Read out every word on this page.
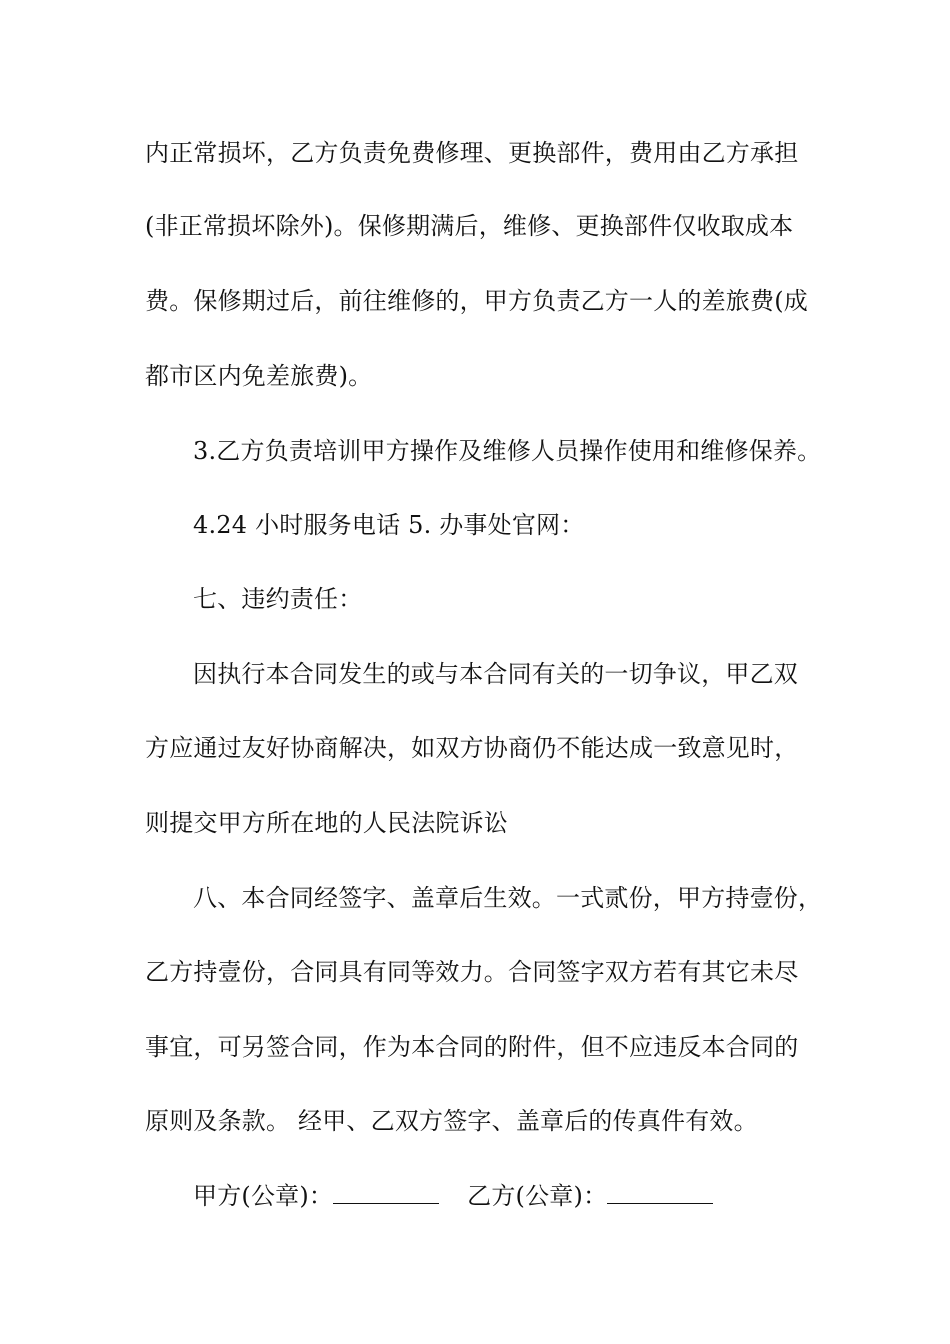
内正常损坏，乙方负责免费修理、更换部件，费用由乙方承担
(非正常损坏除外)。保修期满后，维修、更换部件仅收取成本
费。保修期过后，前往维修的，甲方负责乙方一人的差旅费(成
都市区内免差旅费)。
3.乙方负责培训甲方操作及维修人员操作使用和维修保养。
4.24 小时服务电话 5. 办事处官网：
七、违约责任：
因执行本合同发生的或与本合同有关的一切争议，甲乙双
方应通过友好协商解决，如双方协商仍不能达成一致意见时，
则提交甲方所在地的人民法院诉讼
八、本合同经签字、盖章后生效。一式贰份，甲方持壹份，
乙方持壹份，合同具有同等效力。合同签字双方若有其它未尽
事宜，可另签合同，作为本合同的附件，但不应违反本合同的
原则及条款。 经甲、乙双方签字、盖章后的传真件有效。
甲方(公章)：	乙方(公章)：
